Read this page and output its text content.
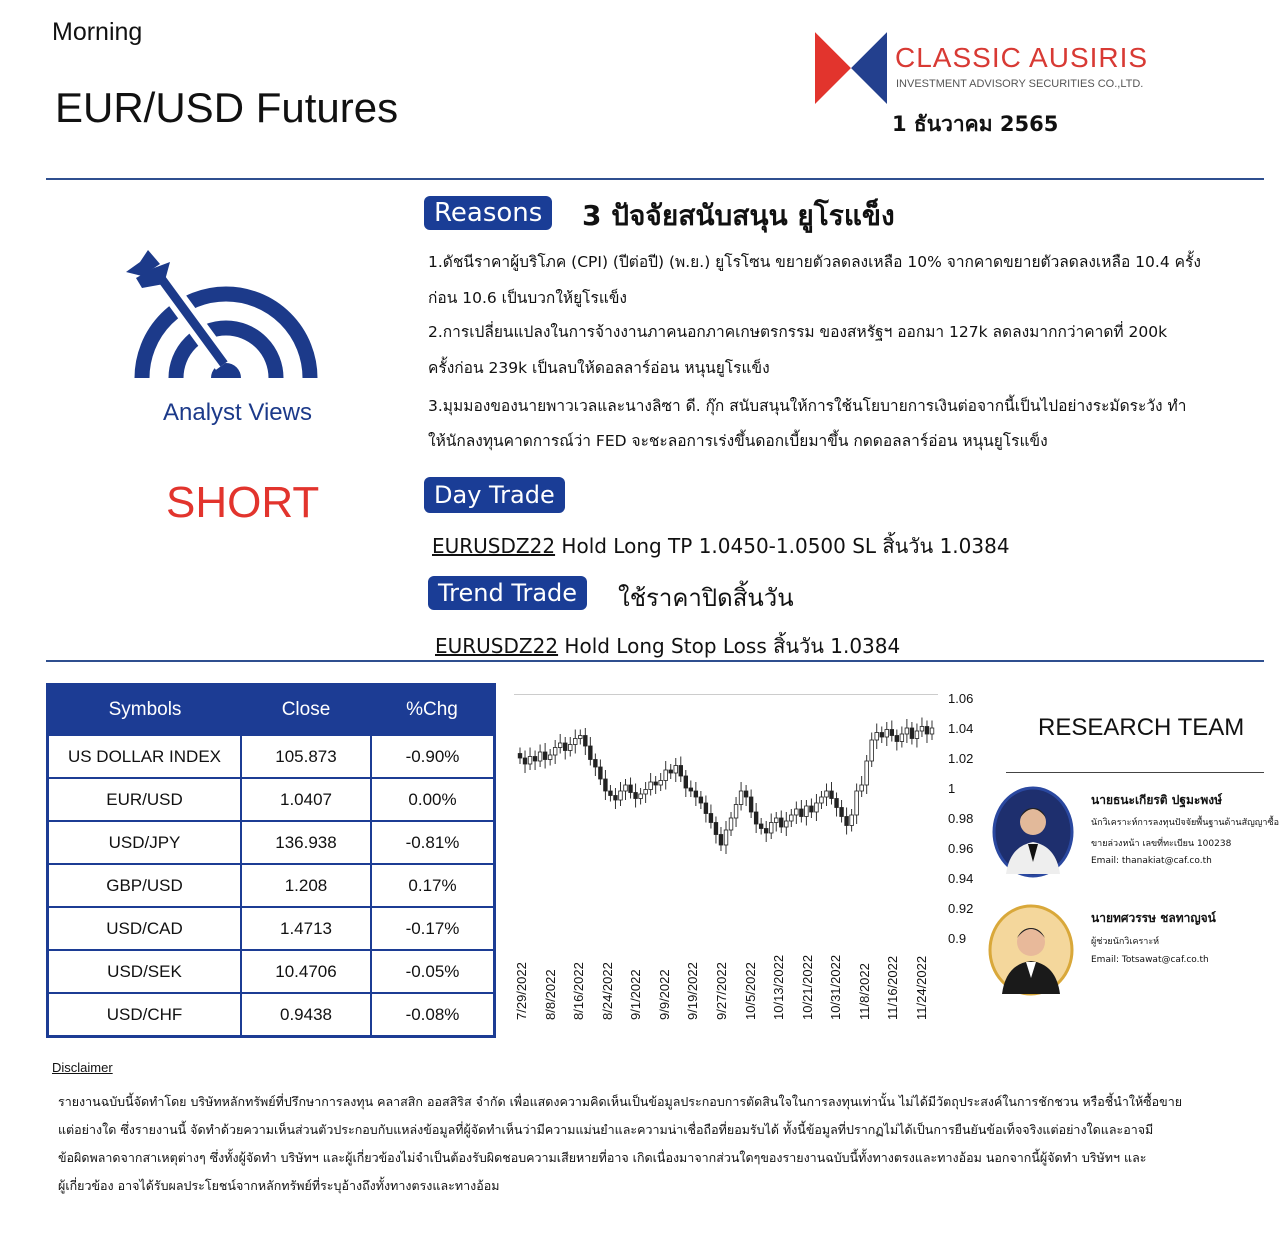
Morning
EUR/USD Futures
CLASSIC AUSIRIS
INVESTMENT ADVISORY SECURITIES CO.,LTD.
1 ธันวาคม 2565
Analyst Views
SHORT
Reasons	3 ปัจจัยสนับสนุน ยูโรแข็ง
1.ดัชนีราคาผู้บริโภค (CPI) (ปีต่อปี) (พ.ย.) ยูโรโซน ขยายตัวลดลงเหลือ 10% จากคาดขยายตัวลดลงเหลือ 10.4 ครั้ง
ก่อน 10.6 เป็นบวกให้ยูโรแข็ง
2.การเปลี่ยนแปลงในการจ้างงานภาคนอกภาคเกษตรกรรม ของสหรัฐฯ ออกมา 127k ลดลงมากกว่าคาดที่ 200k
ครั้งก่อน 239k เป็นลบให้ดอลลาร์อ่อน หนุนยูโรแข็ง
3.มุมมองของนายพาวเวลและนางลิซา ดี. กุ๊ก สนับสนุนให้การใช้นโยบายการเงินต่อจากนี้เป็นไปอย่างระมัดระวัง ทำ
ให้นักลงทุนคาดการณ์ว่า FED จะชะลอการเร่งขึ้นดอกเบี้ยมาขึ้น กดดอลลาร์อ่อน หนุนยูโรแข็ง
Day Trade
EURUSDZ22 Hold Long TP 1.0450-1.0500 SL สิ้นวัน 1.0384
Trend Trade	ใช้ราคาปิดสิ้นวัน
EURUSDZ22 Hold Long Stop Loss สิ้นวัน 1.0384
Symbols	Close	%Chg
US DOLLAR INDEX	105.873	-0.90%
EUR/USD	1.0407	0.00%
USD/JPY	136.938	-0.81%
GBP/USD	1.208	0.17%
USD/CAD	1.4713	-0.17%
USD/SEK	10.4706	-0.05%
USD/CHF	0.9438	-0.08%
1.06
1.04
1.02
1
0.98
0.96
0.94
0.92
0.9
7/29/2022 8/8/2022 8/16/2022 8/24/2022 9/1/2022 9/9/2022 9/19/2022 9/27/2022 10/5/2022 10/13/2022 10/21/2022 10/31/2022 11/8/2022 11/16/2022 11/24/2022
RESEARCH TEAM
นายธนะเกียรติ ปฐมะพงษ์
นักวิเคราะห์การลงทุนปัจจัยพื้นฐานด้านสัญญาซื้อ
ขายล่วงหน้า เลขที่ทะเบียน 100238
Email: thanakiat@caf.co.th
นายทศวรรษ ชลทาญจน์
ผู้ช่วยนักวิเคราะห์
Email: Totsawat@caf.co.th
Disclaimer
รายงานฉบับนี้จัดทำโดย บริษัทหลักทรัพย์ที่ปรึกษาการลงทุน คลาสสิก ออสสิริส จำกัด เพื่อแสดงความคิดเห็นเป็นข้อมูลประกอบการตัดสินใจในการลงทุนเท่านั้น ไม่ได้มีวัตถุประสงค์ในการชักชวน หรือชี้นำให้ซื้อขาย
แต่อย่างใด ซึ่งรายงานนี้ จัดทำด้วยความเห็นส่วนตัวประกอบกับแหล่งข้อมูลที่ผู้จัดทำเห็นว่ามีความแม่นยำและความน่าเชื่อถือที่ยอมรับได้ ทั้งนี้ข้อมูลที่ปรากฏไม่ได้เป็นการยืนยันข้อเท็จจริงแต่อย่างใดและอาจมี
ข้อผิดพลาดจากสาเหตุต่างๆ ซึ่งทั้งผู้จัดทำ บริษัทฯ และผู้เกี่ยวข้องไม่จำเป็นต้องรับผิดชอบความเสียหายที่อาจ เกิดเนื่องมาจากส่วนใดๆของรายงานฉบับนี้ทั้งทางตรงและทางอ้อม นอกจากนี้ผู้จัดทำ บริษัทฯ และ
ผู้เกี่ยวข้อง อาจได้รับผลประโยชน์จากหลักทรัพย์ที่ระบุอ้างถึงทั้งทางตรงและทางอ้อม
